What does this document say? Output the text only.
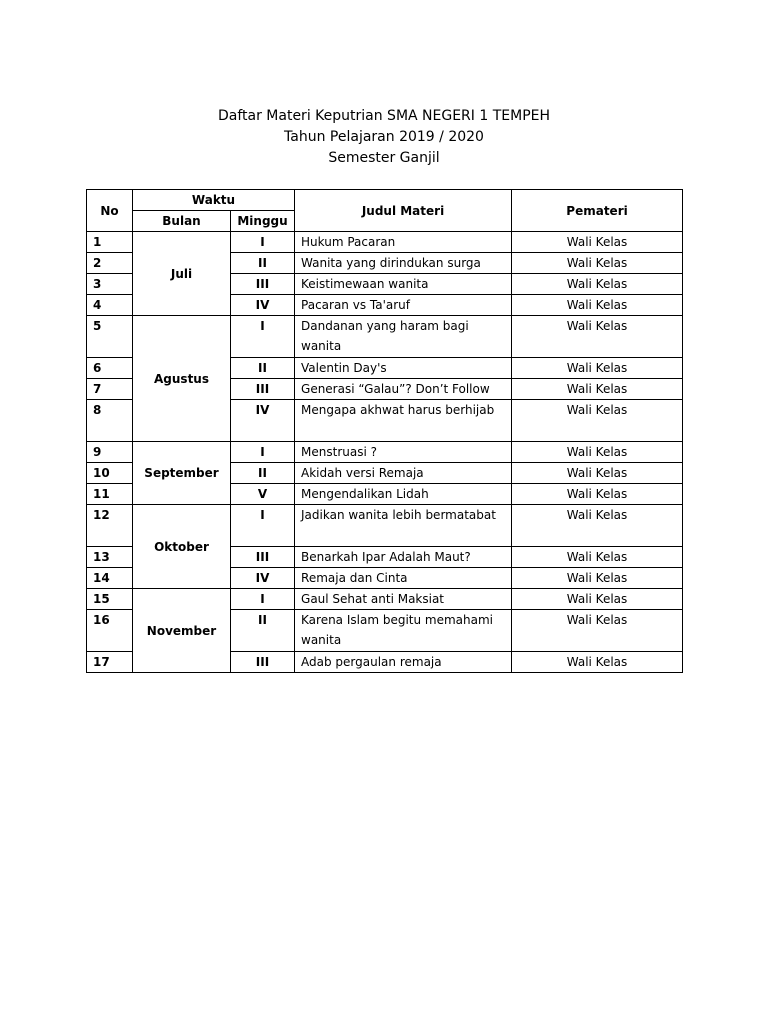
Daftar Materi Keputrian SMA NEGERI 1 TEMPEH
Tahun Pelajaran 2019 / 2020
Semester Ganjil
No	Waktu		Judul Materi	Pemateri
	Bulan	Minggu		
1	Juli	I	Hukum Pacaran	Wali Kelas
2		II	Wanita yang dirindukan surga	Wali Kelas
3		III	Keistimewaan wanita	Wali Kelas
4		IV	Pacaran vs Ta'aruf	Wali Kelas
5	Agustus	I	Dandanan yang haram bagi wanita	Wali Kelas
6		II	Valentin Day's	Wali Kelas
7		III	Generasi “Galau”? Don’t Follow	Wali Kelas
8		IV	Mengapa akhwat harus berhijab	Wali Kelas
9	September	I	Menstruasi ?	Wali Kelas
10		II	Akidah versi Remaja	Wali Kelas
11		V	Mengendalikan Lidah	Wali Kelas
12	Oktober	I	Jadikan wanita lebih bermatabat	Wali Kelas
13		III	Benarkah Ipar Adalah Maut?	Wali Kelas
14		IV	Remaja dan Cinta	Wali Kelas
15	November	I	Gaul Sehat anti Maksiat	Wali Kelas
16		II	Karena Islam begitu memahami wanita	Wali Kelas
17		III	Adab pergaulan remaja	Wali Kelas
